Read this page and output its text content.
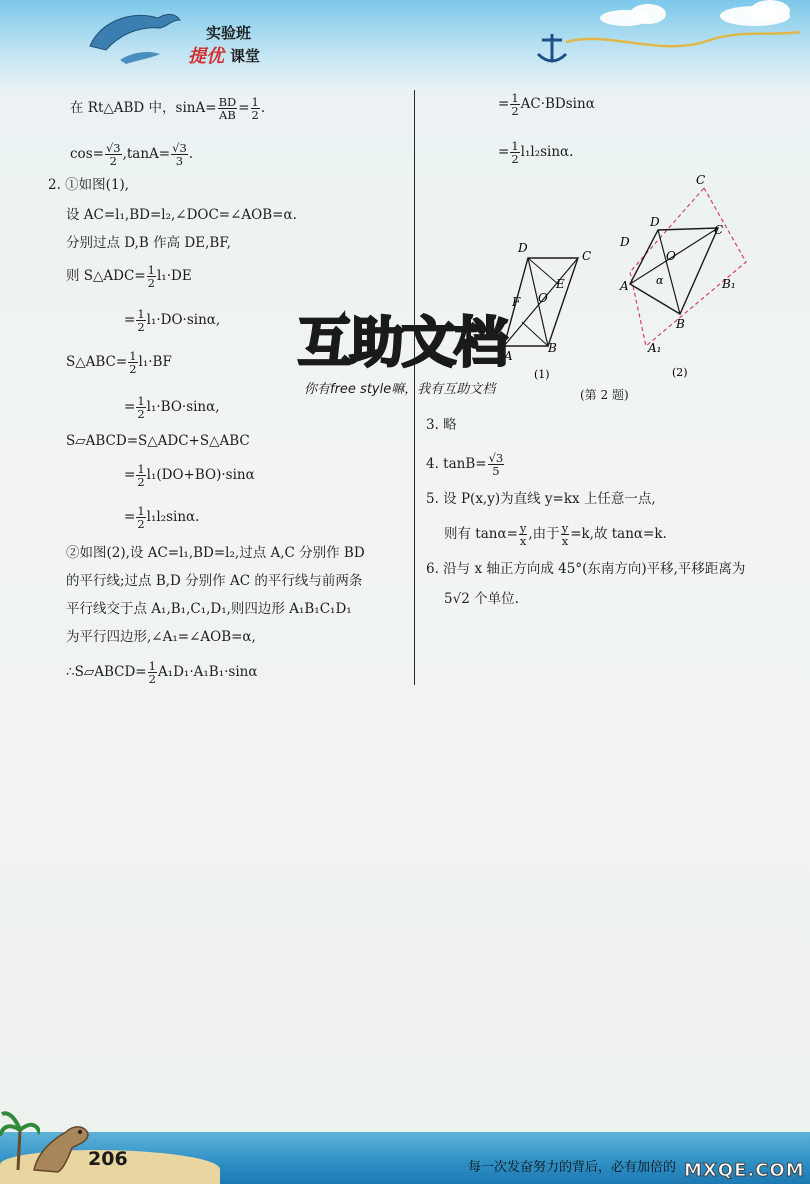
实验班
提优 课堂
在 Rt△ABD 中，$\sin A= \frac{BD}{AB} = \frac{1}{2}$ .
$\cos= \frac{√3}{2} ,\tan A= \frac{√3}{3}$ .
2. ①如图(1),
设 AC=l₁,BD=l₂,∠DOC=∠AOB=α.
分别过点 D,B 作高 DE,BF,
则 S△ADC= $\frac{1}{2} l_1\cdot DE$
= $\frac{1}{2} l_1\cdot DO\cdot\sin\alpha$,
S△ABC= $\frac{1}{2} l_1\cdot BF$
= $\frac{1}{2} l_1\cdot BO\cdot\sin\alpha$,
S▱ABCD=S△ADC+S△ABC
= $\frac{1}{2} l_1(DO+BO)\cdot\sin\alpha$
= $\frac{1}{2} l_1l_2\sin\alpha$.
②如图(2),设 AC=l₁,BD=l₂,过点 A,C 分别作 BD
的平行线;过点 B,D 分别作 AC 的平行线与前两条
平行线交于点 A₁,B₁,C₁,D₁,则四边形 A₁B₁C₁D₁
为平行四边形,∠A₁=∠AOB=α,
∴S▱ABCD= $\frac{1}{2} A_1D_1\cdot A_1B_1\cdot\sin\alpha$
= $\frac{1}{2} AC\cdot BDsin\alpha$
= $\frac{1}{2} l_1l_2\sin\alpha$.
D
C
E
O
F
A
B
(1)
C
D
D
C
O
α
A
B
B₁
A₁
(2)
(第 2 题)
3. 略
4. $\tan B= \frac{√3}{5}$
5. 设 P(x,y)为直线 y=kx 上任意一点,
则有 $\tan\alpha= \frac{y}{x}$ ,由于 $\frac{y}{x} =k$,故 tanα=k.
6. 沿与 x 轴正方向成 45°(东南方向)平移,平移距离为
5√2 个单位.
互助文档
你有free style嘛，我有互助文档
206	每一次发奋努力的背后，必有加倍的 MXQE.COM
